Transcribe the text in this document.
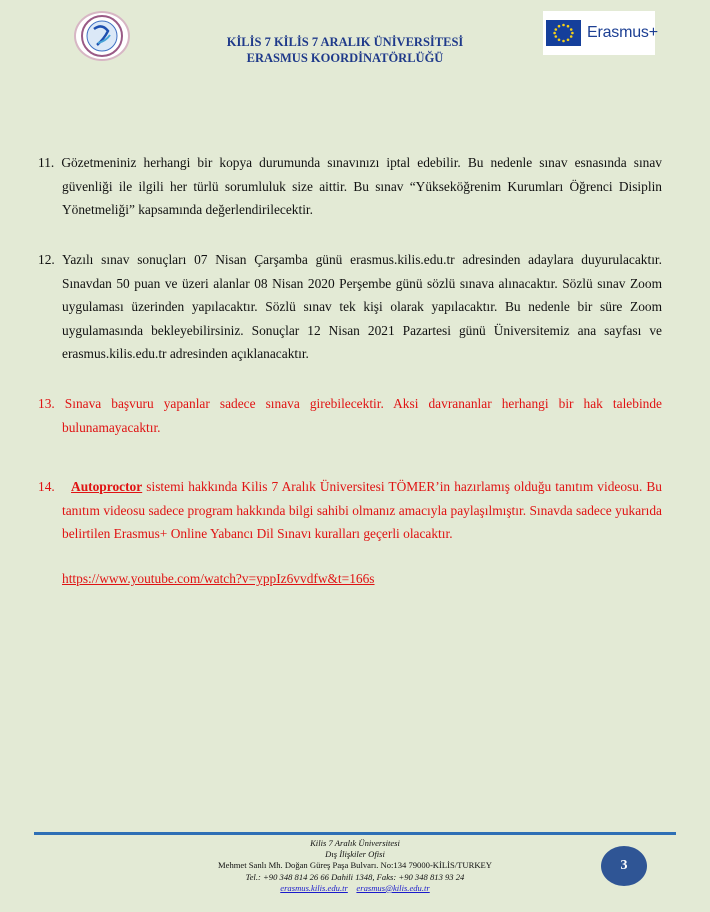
Erasmus+
KİLİS 7 KİLİS 7 ARALIK ÜNİVERSİTESİ
ERASMUS KOORDİNATÖRLÜĞÜ

11. Gözetmeniniz herhangi bir kopya durumunda sınavınızı iptal edebilir. Bu nedenle sınav esnasında sınav güvenliği ile ilgili her türlü sorumluluk size aittir. Bu sınav “Yükseköğrenim Kurumları Öğrenci Disiplin Yönetmeliği” kapsamında değerlendirilecektir.

12. Yazılı sınav sonuçları 07 Nisan Çarşamba günü erasmus.kilis.edu.tr adresinden adaylara duyurulacaktır. Sınavdan 50 puan ve üzeri alanlar 08 Nisan 2020 Perşembe günü sözlü sınava alınacaktır. Sözlü sınav Zoom uygulaması üzerinden yapılacaktır. Sözlü sınav tek kişi olarak yapılacaktır. Bu nedenle bir süre Zoom uygulamasında bekleyebilirsiniz. Sonuçlar 12 Nisan 2021 Pazartesi günü Üniversitemiz ana sayfası ve erasmus.kilis.edu.tr adresinden açıklanacaktır.

13. Sınava başvuru yapanlar sadece sınava girebilecektir. Aksi davrananlar herhangi bir hak talebinde bulunamayacaktır.

14. Autoproctor sistemi hakkında Kilis 7 Aralık Üniversitesi TÖMER’in hazırlamış olduğu tanıtım videosu. Bu tanıtım videosu sadece program hakkında bilgi sahibi olmanız amacıyla paylaşılmıştır. Sınavda sadece yukarıda belirtilen Erasmus+ Online Yabancı Dil Sınavı kuralları geçerli olacaktır.

https://www.youtube.com/watch?v=yppIz6vvdfw&t=166s
Kilis 7 Aralık Üniversitesi
Dış İlişkiler Ofisi
Mehmet Sanlı Mh. Doğan Güreş Paşa Bulvarı. No:134 79000-KİLİS/TURKEY
Tel.: +90 348 814 26 66 Dahili 1348, Faks: +90 348 813 93 24
erasmus.kilis.edu.tr erasmus@kilis.edu.tr
3
